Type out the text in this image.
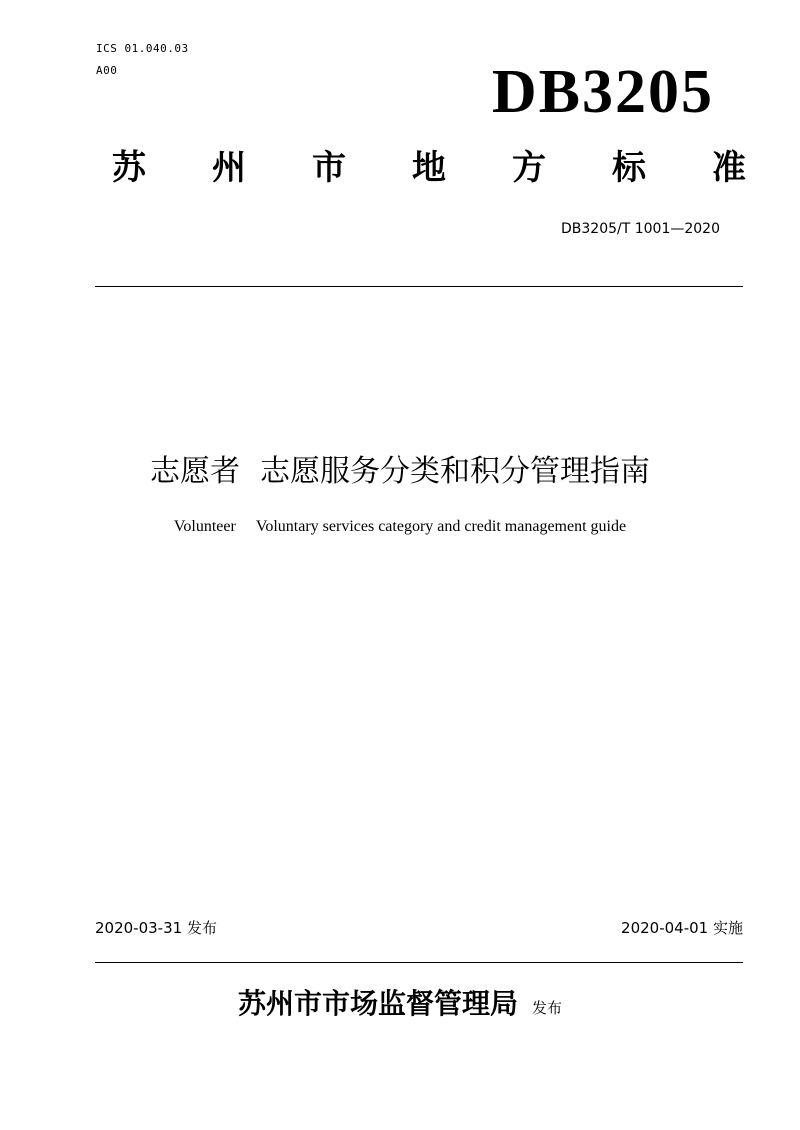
ICS 01.040.03
A00	DB3205
苏 州 市 地 方 标 准
DB3205/T 1001—2020
志愿者 志愿服务分类和积分管理指南
Volunteer Voluntary services category and credit management guide
2020-03-31 发布	2020-04-01 实施
苏州市市场监督管理局 发布
